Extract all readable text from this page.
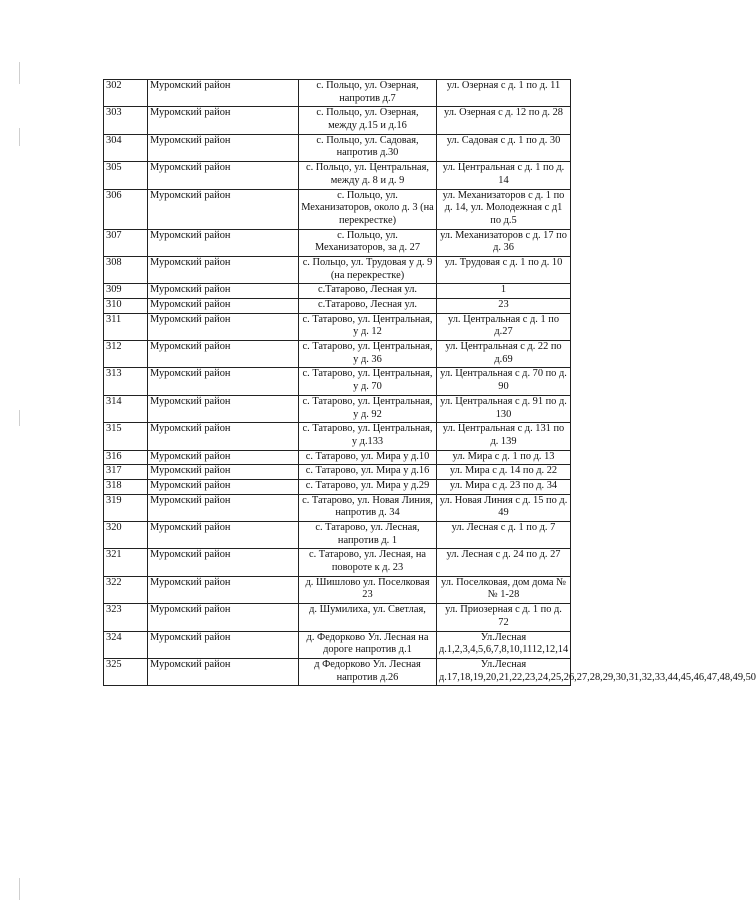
302	Муромский район	с. Польцо, ул. Озерная, напротив д.7	ул. Озерная с д. 1 по д. 11
303	Муромский район	с. Польцо, ул. Озерная, между д.15 и д.16	ул. Озерная с д. 12 по д. 28
304	Муромский район	с. Польцо, ул. Садовая, напротив д.30	ул. Садовая с д. 1 по д. 30
305	Муромский район	с. Польцо, ул. Центральная, между д. 8 и д. 9	ул. Центральная с д. 1 по д. 14
306	Муромский район	с. Польцо, ул. Механизаторов, около д. 3 (на перекрестке)	ул. Механизаторов с д. 1 по д. 14, ул. Молодежная с д1 по д.5
307	Муромский район	с. Польцо, ул. Механизаторов, за д. 27	ул. Механизаторов с д. 17 по д. 36
308	Муромский район	с. Польцо, ул. Трудовая у д. 9 (на перекрестке)	ул. Трудовая с д. 1 по д. 10
309	Муромский район	с.Татарово, Лесная ул.	1
310	Муромский район	с.Татарово, Лесная ул.	23
311	Муромский район	с. Татарово, ул. Центральная, у д. 12	ул. Центральная с д. 1 по д.27
312	Муромский район	с. Татарово, ул. Центральная, у д. 36	ул. Центральная с д. 22 по д.69
313	Муромский район	с. Татарово, ул. Центральная, у д. 70	ул. Центральная с д. 70 по д. 90
314	Муромский район	с. Татарово, ул. Центральная, у д. 92	ул. Центральная с д. 91 по д. 130
315	Муромский район	с. Татарово, ул. Центральная, у д.133	ул. Центральная с д. 131 по д. 139
316	Муромский район	с. Татарово, ул. Мира у д.10	ул. Мира с д. 1 по д. 13
317	Муромский район	с. Татарово, ул. Мира у д.16	ул. Мира с д. 14 по д. 22
318	Муромский район	с. Татарово, ул. Мира у д.29	ул. Мира с д. 23 по д. 34
319	Муромский район	с. Татарово, ул. Новая Линия, напротив д. 34	ул. Новая Линия с д. 15 по д. 49
320	Муромский район	с. Татарово, ул. Лесная, напротив д. 1	ул. Лесная с д. 1 по д. 7
321	Муромский район	с. Татарово, ул. Лесная, на повороте к д. 23	ул. Лесная с д. 24 по д. 27
322	Муромский район	д. Шишлово ул. Поселковая 23	ул. Поселковая, дом дома №№ 1-28
323	Муромский район	д. Шумилиха, ул. Светлая,	ул. Приозерная с д. 1 по д. 72
324	Муромский район	д. Федорково Ул. Лесная на дороге напротив д.1	Ул.Лесная д.1,2,3,4,5,6,7,8,10,1112,12,14
325	Муромский район	д Федорково Ул. Лесная напротив д.26	Ул.Лесная д.17,18,19,20,21,22,23,24,25,26,27,28,29,30,31,32,33,44,45,46,47,48,49,50
